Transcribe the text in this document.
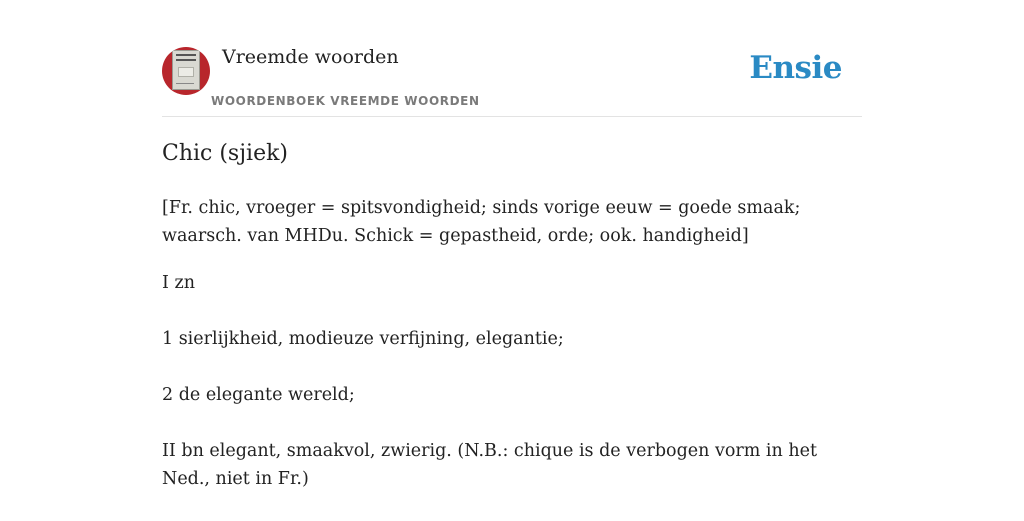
Vreemde woorden
WOORDENBOEK VREEMDE WOORDEN
Ensie
Chic (sjiek)

[Fr. chic, vroeger = spitsvondigheid; sinds vorige eeuw = goede smaak; waarsch. van MHDu. Schick = gepastheid, orde; ook. handigheid]

I zn

1 sierlijkheid, modieuze verfijning, elegantie;

2 de elegante wereld;

II bn elegant, smaakvol, zwierig. (N.B.: chique is de verbogen vorm in het Ned., niet in Fr.)
